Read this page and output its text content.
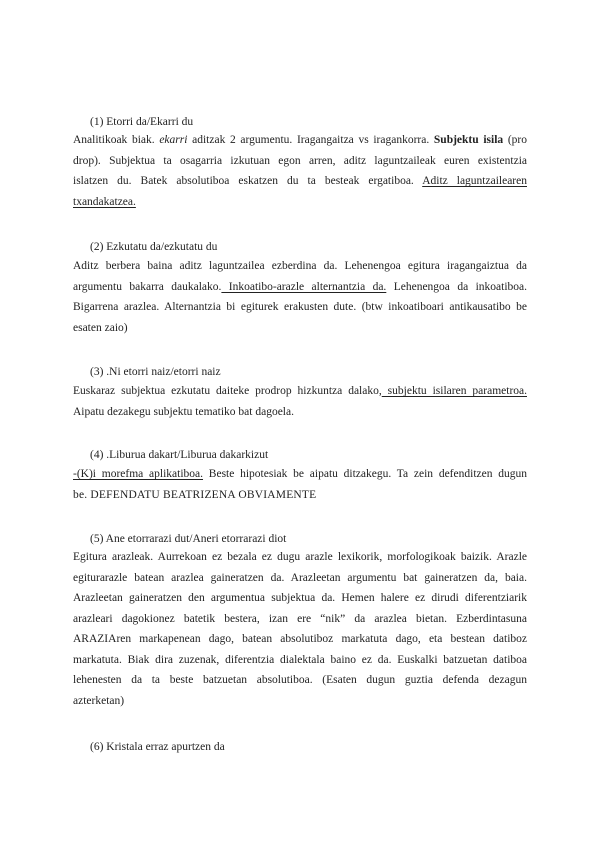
(1) Etorri da/Ekarri du
Analitikoak biak. ekarri aditzak 2 argumentu. Iragangaitza vs iragankorra. Subjektu isila (pro
drop). Subjektua ta osagarria izkutuan egon arren, aditz laguntzaileak euren existentzia
islatzen du. Batek absolutiboa eskatzen du ta besteak ergatiboa. Aditz laguntzailearen
txandakatzea.
(2) Ezkutatu da/ezkutatu du
Aditz berbera baina aditz laguntzailea ezberdina da. Lehenengoa egitura iragangaiztua da
argumentu bakarra daukalako. Inkoatibo-arazle alternantzia da. Lehenengoa da inkoatiboa.
Bigarrena arazlea. Alternantzia bi egiturek erakusten dute. (btw inkoatiboari antikausatibo be
esaten zaio)
(3) .Ni etorri naiz/etorri naiz
Euskaraz subjektua ezkutatu daiteke prodrop hizkuntza dalako, subjektu isilaren parametroa.
Aipatu dezakegu subjektu tematiko bat dagoela.
(4) .Liburua dakart/Liburua dakarkizut
-(K)i morefma aplikatiboa. Beste hipotesiak be aipatu ditzakegu. Ta zein defenditzen dugun
be. DEFENDATU BEATRIZENA OBVIAMENTE
(5) Ane etorrarazi dut/Aneri etorrarazi diot
Egitura arazleak. Aurrekoan ez bezala ez dugu arazle lexikorik, morfologikoak baizik. Arazle
egiturarazle batean arazlea gaineratzen da. Arazleetan argumentu bat gaineratzen da, baia.
Arazleetan gaineratzen den argumentua subjektua da. Hemen halere ez dirudi diferentziarik
arazleari dagokionez batetik bestera, izan ere “nik” da arazlea bietan. Ezberdintasuna
ARAZIAren markapenean dago, batean absolutiboz markatuta dago, eta bestean datiboz
markatuta. Biak dira zuzenak, diferentzia dialektala baino ez da. Euskalki batzuetan datiboa
lehenesten da ta beste batzuetan absolutiboa. (Esaten dugun guztia defenda dezagun
azterketan)
(6) Kristala erraz apurtzen da
